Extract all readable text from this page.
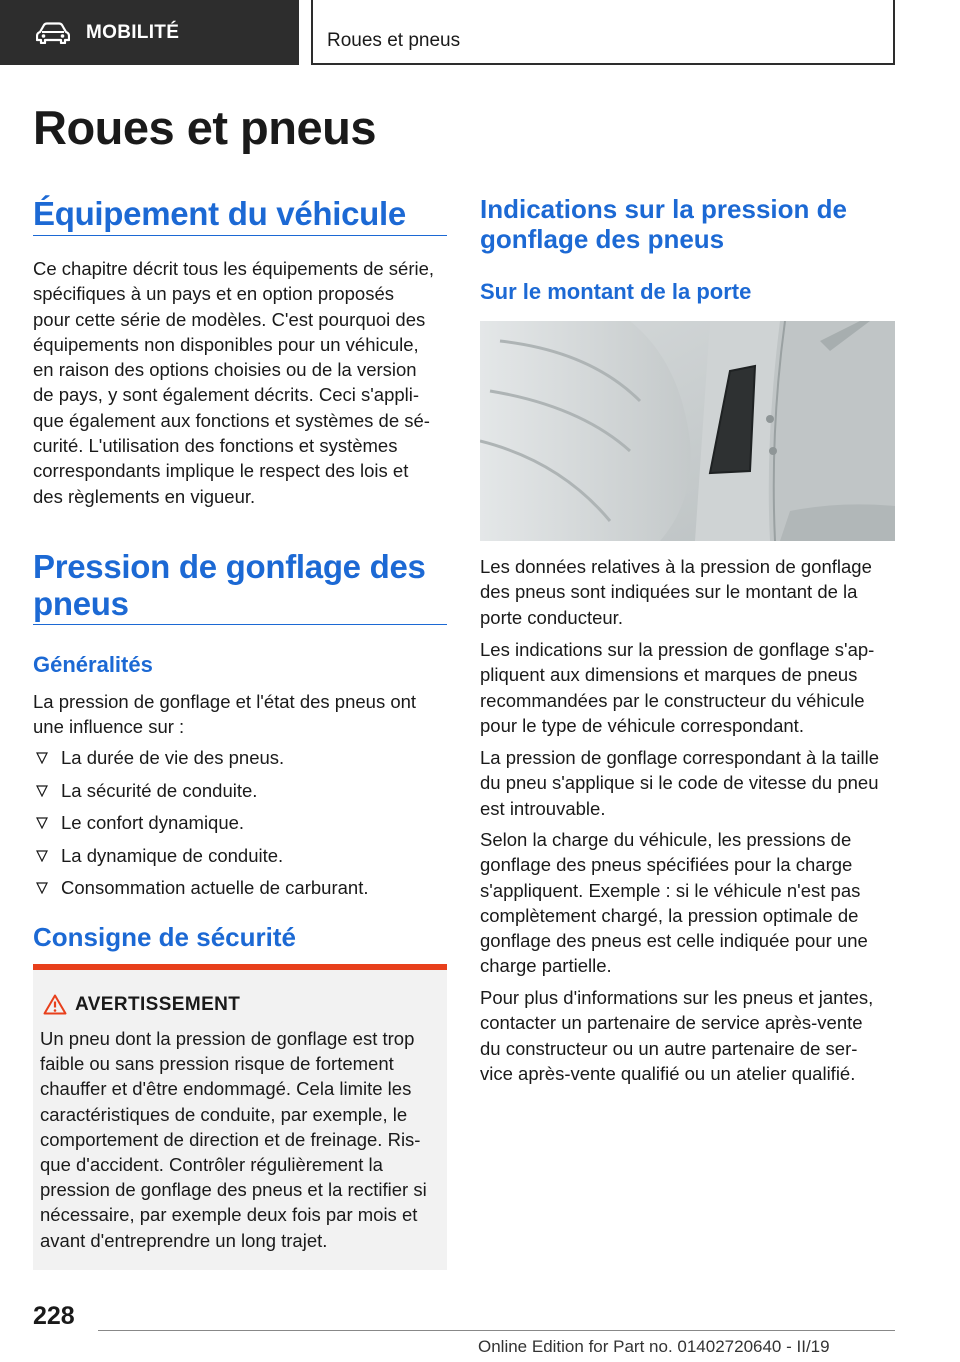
MOBILITÉ	Roues et pneus
Roues et pneus
Équipement du véhicule
Ce chapitre décrit tous les équipements de série,
spécifiques à un pays et en option proposés
pour cette série de modèles. C'est pourquoi des
équipements non disponibles pour un véhicule,
en raison des options choisies ou de la version
de pays, y sont également décrits. Ceci s'appli‐
que également aux fonctions et systèmes de sé‐
curité. L'utilisation des fonctions et systèmes
correspondants implique le respect des lois et
des règlements en vigueur.
Pression de gonflage des
pneus
Généralités
La pression de gonflage et l'état des pneus ont
une influence sur :
La durée de vie des pneus.
La sécurité de conduite.
Le confort dynamique.
La dynamique de conduite.
Consommation actuelle de carburant.
Consigne de sécurité
AVERTISSEMENT
Un pneu dont la pression de gonflage est trop
faible ou sans pression risque de fortement
chauffer et d'être endommagé. Cela limite les
caractéristiques de conduite, par exemple, le
comportement de direction et de freinage. Ris‐
que d'accident. Contrôler régulièrement la
pression de gonflage des pneus et la rectifier si
nécessaire, par exemple deux fois par mois et
avant d'entreprendre un long trajet.
Indications sur la pression de
gonflage des pneus
Sur le montant de la porte
Les données relatives à la pression de gonflage
des pneus sont indiquées sur le montant de la
porte conducteur.
Les indications sur la pression de gonflage s'ap‐
pliquent aux dimensions et marques de pneus
recommandées par le constructeur du véhicule
pour le type de véhicule correspondant.
La pression de gonflage correspondant à la taille
du pneu s'applique si le code de vitesse du pneu
est introuvable.
Selon la charge du véhicule, les pressions de
gonflage des pneus spécifiées pour la charge
s'appliquent. Exemple : si le véhicule n'est pas
complètement chargé, la pression optimale de
gonflage des pneus est celle indiquée pour une
charge partielle.
Pour plus d'informations sur les pneus et jantes,
contacter un partenaire de service après-vente
du constructeur ou un autre partenaire de ser‐
vice après-vente qualifié ou un atelier qualifié.
228
Online Edition for Part no. 01402720640 - II/19
